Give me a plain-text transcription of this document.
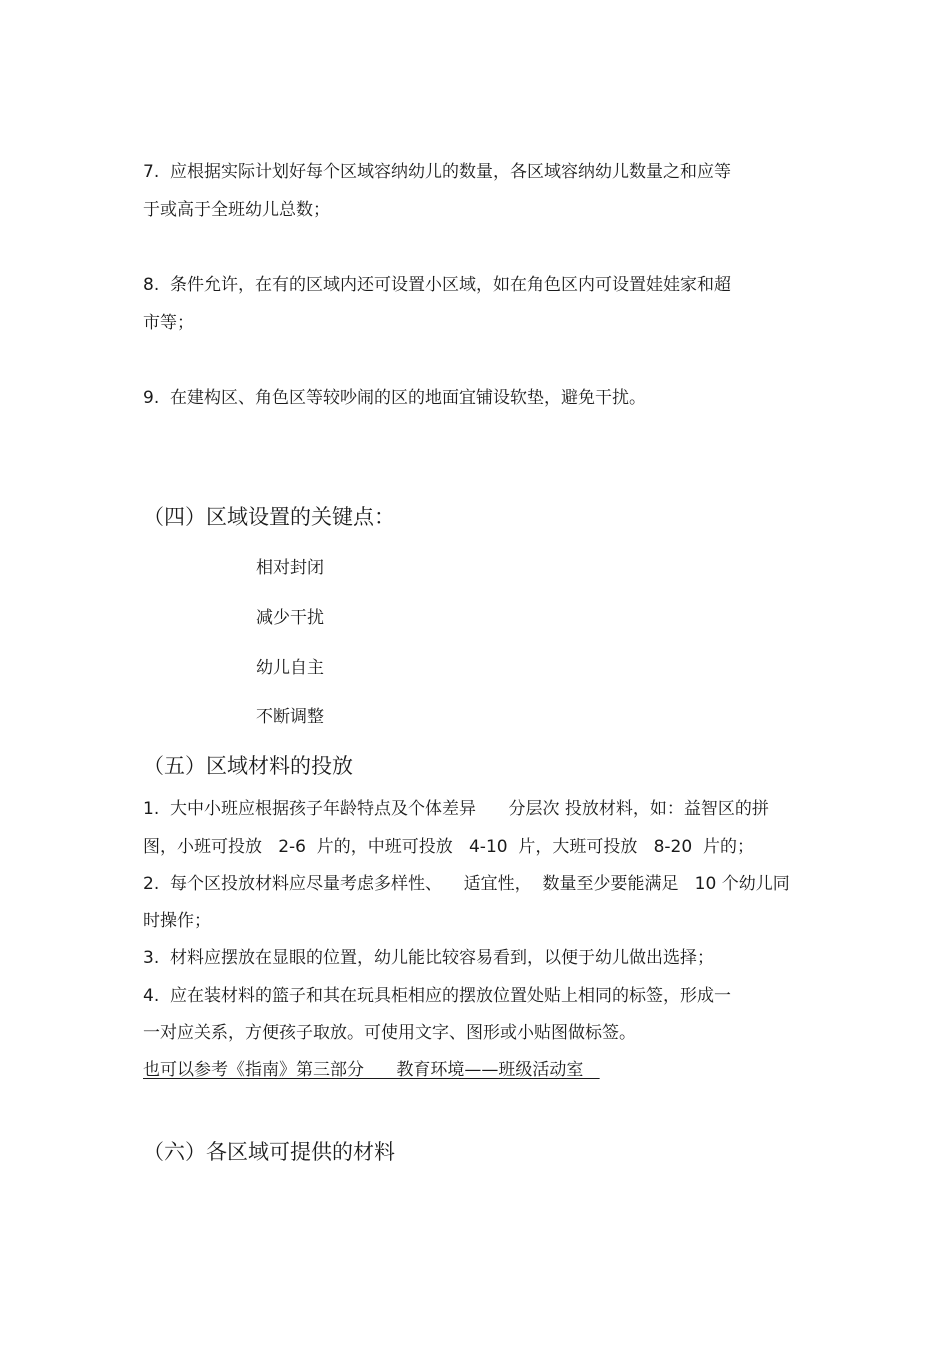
7.  应根据实际计划好每个区域容纳幼儿的数量，各区域容纳幼儿数量之和应等
于或高于全班幼儿总数；
8.  条件允许，在有的区域内还可设置小区域，如在角色区内可设置娃娃家和超
市等；
9.  在建构区、角色区等较吵闹的区的地面宜铺设软垫，避免干扰。
（四）区域设置的关键点：
相对封闭
减少干扰
幼儿自主
不断调整
（五）区域材料的投放
1.  大中小班应根据孩子年龄特点及个体差异      分层次 投放材料，如：益智区的拼
图，小班可投放   2-6  片的，中班可投放   4-10  片，大班可投放   8-20  片的；
2.  每个区投放材料应尽量考虑多样性、    适宜性，  数量至少要能满足   10 个幼儿同
时操作；
3.  材料应摆放在显眼的位置，幼儿能比较容易看到，以便于幼儿做出选择；
4.  应在装材料的篮子和其在玩具柜相应的摆放位置处贴上相同的标签，形成一
一对应关系，方便孩子取放。可使用文字、图形或小贴图做标签。
也可以参考《指南》第三部分      教育环境——班级活动室
（六）各区域可提供的材料
